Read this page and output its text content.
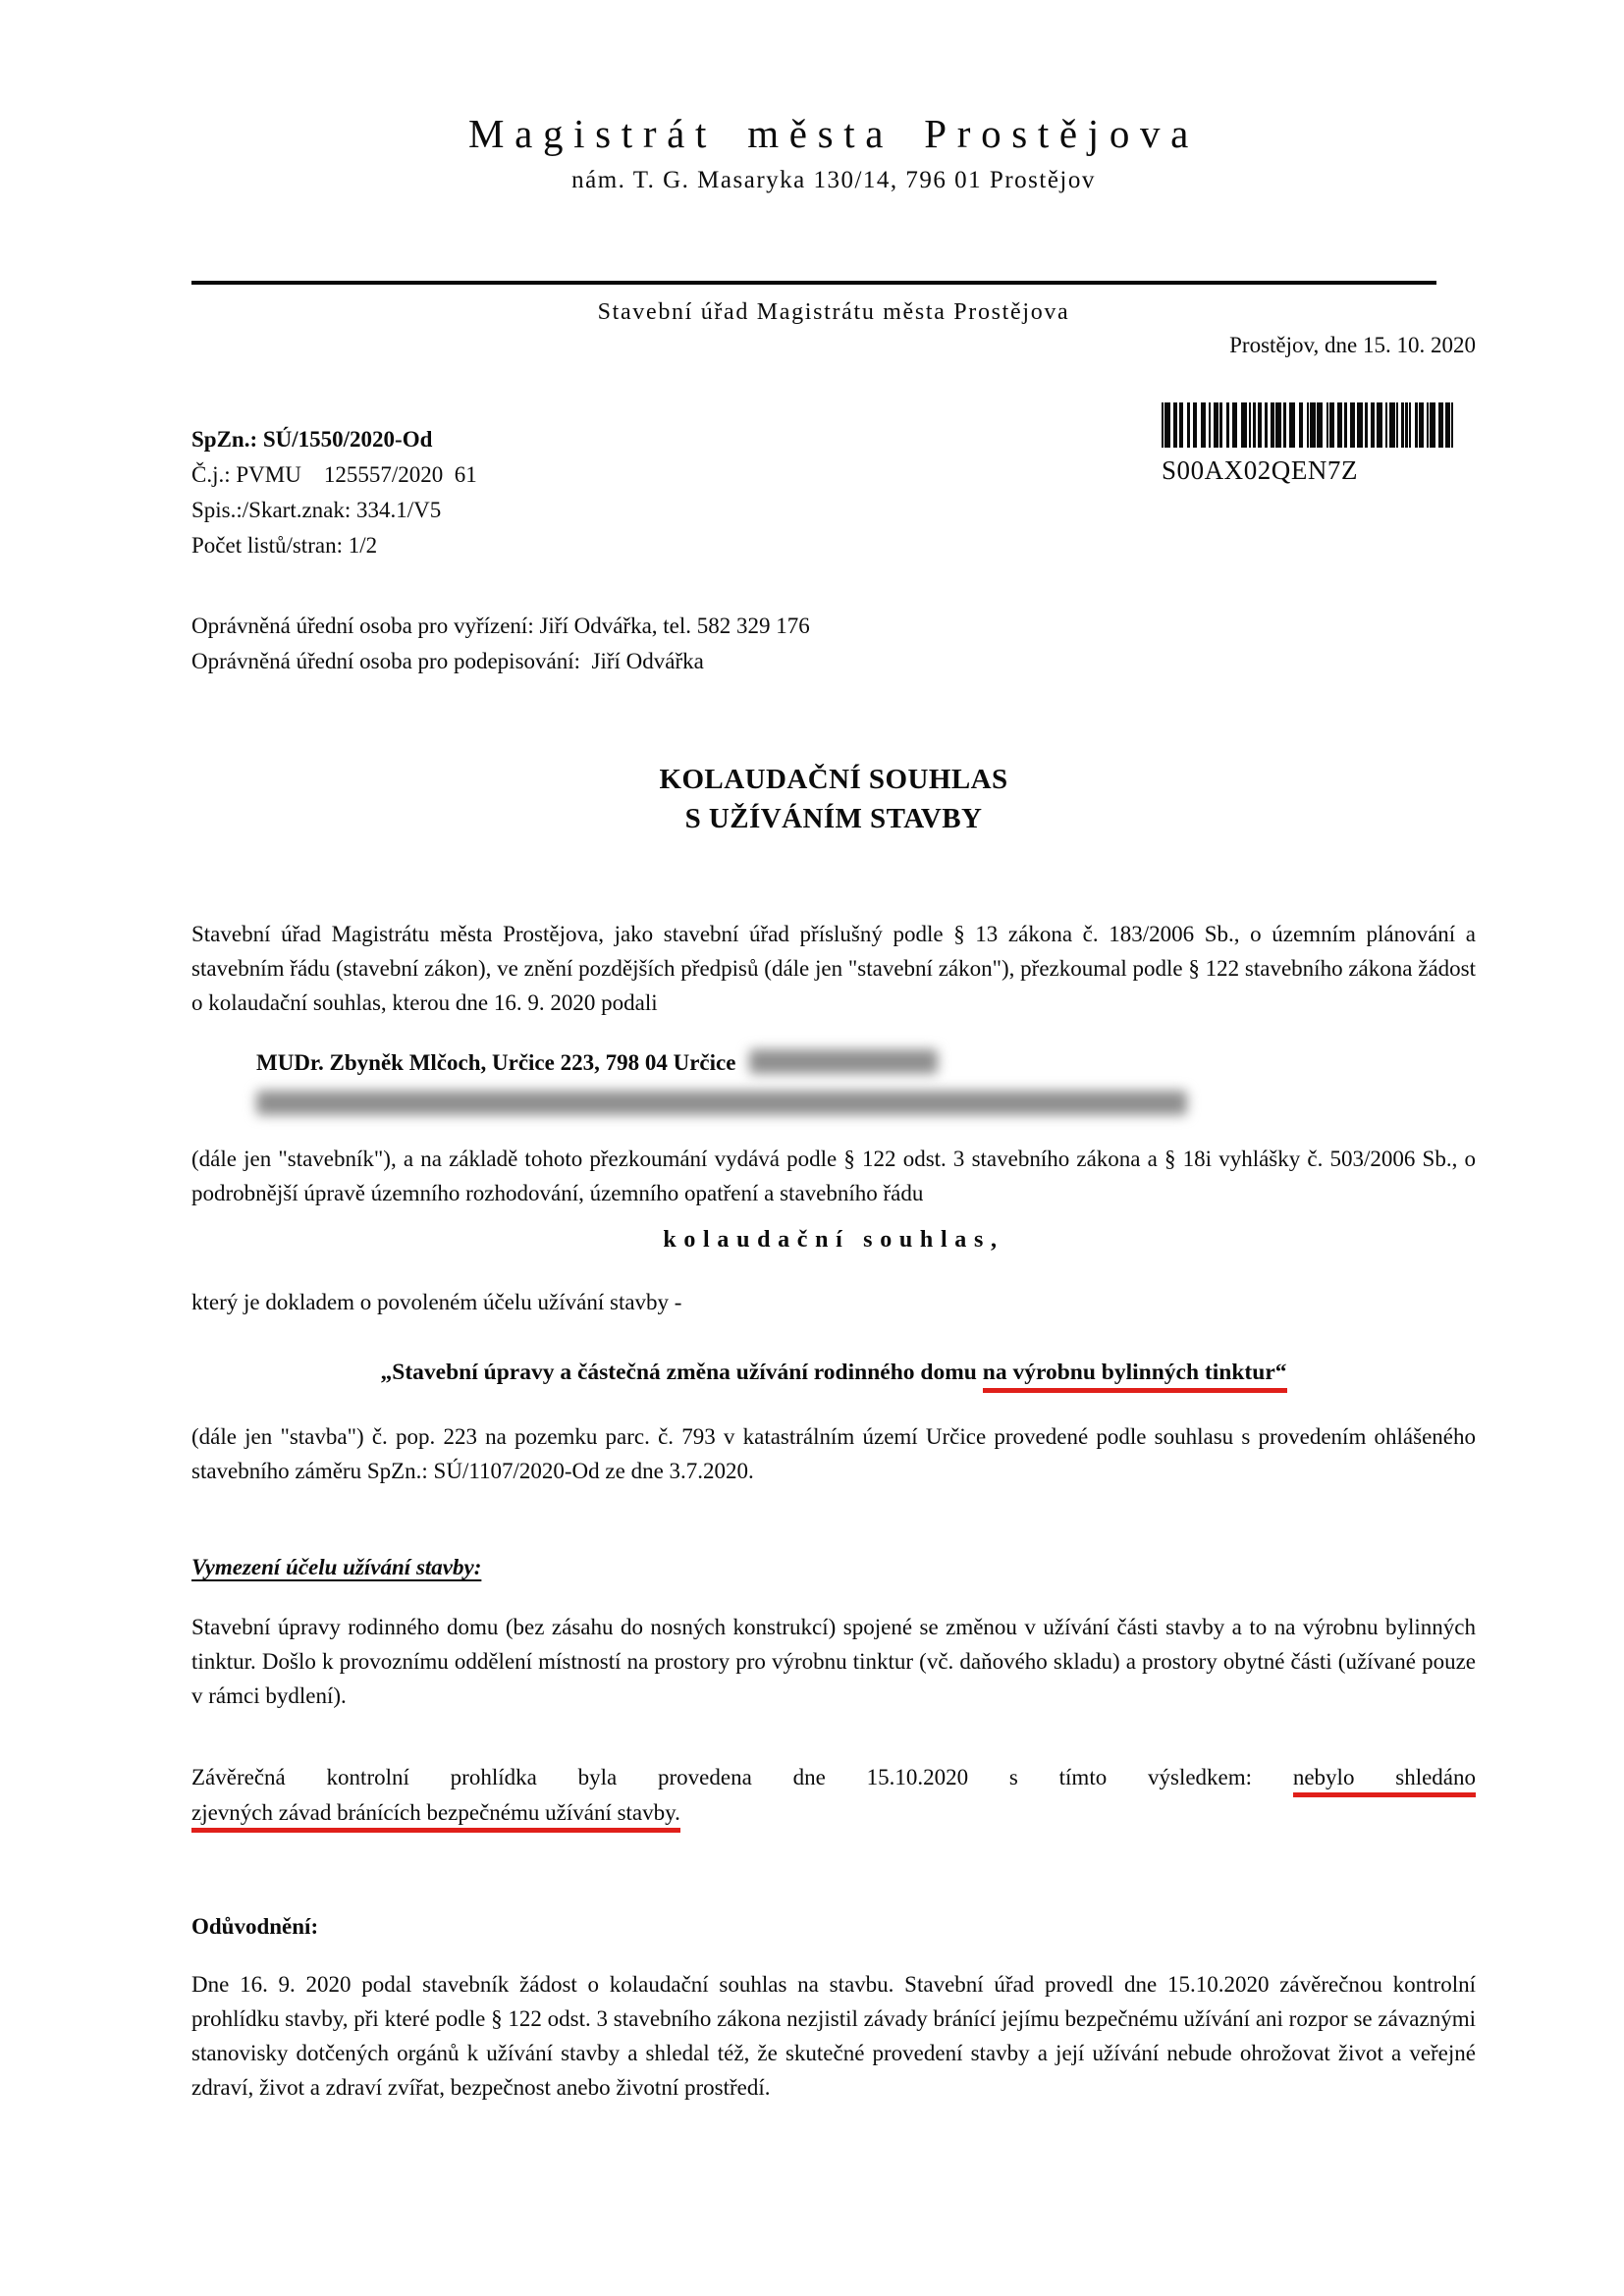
Magistrát města Prostějova
nám. T. G. Masaryka 130/14, 796 01 Prostějov
Stavební úřad Magistrátu města Prostějova
Prostějov, dne 15. 10. 2020
SpZn.: SÚ/1550/2020-Od
Č.j.: PVMU    125557/2020  61
Spis.:/Skart.znak: 334.1/V5
Počet listů/stran: 1/2
S00AX02QEN7Z
Oprávněná úřední osoba pro vyřízení: Jiří Odvářka, tel. 582 329 176
Oprávněná úřední osoba pro podepisování:  Jiří Odvářka
KOLAUDAČNÍ SOUHLAS
S UŽÍVÁNÍM STAVBY

Stavební úřad Magistrátu města Prostějova, jako stavební úřad příslušný podle § 13 zákona č. 183/2006 Sb., o územním plánování a stavebním řádu (stavební zákon), ve znění pozdějších předpisů (dále jen "stavební zákon"), přezkoumal podle § 122 stavebního zákona žádost o kolaudační souhlas, kterou dne 16. 9. 2020 podali

MUDr. Zbyněk Mlčoch, Určice 223, 798 04 Určice

(dále jen "stavebník"), a na základě tohoto přezkoumání vydává podle § 122 odst. 3 stavebního zákona a § 18i vyhlášky č. 503/2006 Sb., o podrobnější úpravě územního rozhodování, územního opatření a stavebního řádu

kolaudační souhlas,
který je dokladem o povoleném účelu užívání stavby -
„Stavební úpravy a částečná změna užívání rodinného domu na výrobnu bylinných tinktur“

(dále jen "stavba") č. pop. 223 na pozemku parc. č. 793 v katastrálním území Určice provedené podle souhlasu s provedením ohlášeného stavebního záměru SpZn.: SÚ/1107/2020-Od ze dne 3.7.2020.

Vymezení účelu užívání stavby:

Stavební úpravy rodinného domu (bez zásahu do nosných konstrukcí) spojené se změnou v užívání části stavby a to na výrobnu bylinných tinktur. Došlo k provoznímu oddělení místností na prostory pro výrobnu tinktur (vč. daňového skladu) a prostory obytné části (užívané pouze v rámci bydlení).

Závěrečná kontrolní prohlídka byla provedena dne 15.10.2020 s tímto výsledkem: nebylo shledáno
zjevných závad bránících bezpečnému užívání stavby.
Odůvodnění:

Dne 16. 9. 2020 podal stavebník žádost o kolaudační souhlas na stavbu. Stavební úřad provedl dne 15.10.2020 závěrečnou kontrolní prohlídku stavby, při které podle § 122 odst. 3 stavebního zákona nezjistil závady bránící jejímu bezpečnému užívání ani rozpor se závaznými stanovisky dotčených orgánů k užívání stavby a shledal též, že skutečné provedení stavby a její užívání nebude ohrožovat život a veřejné zdraví, život a zdraví zvířat, bezpečnost anebo životní prostředí.
